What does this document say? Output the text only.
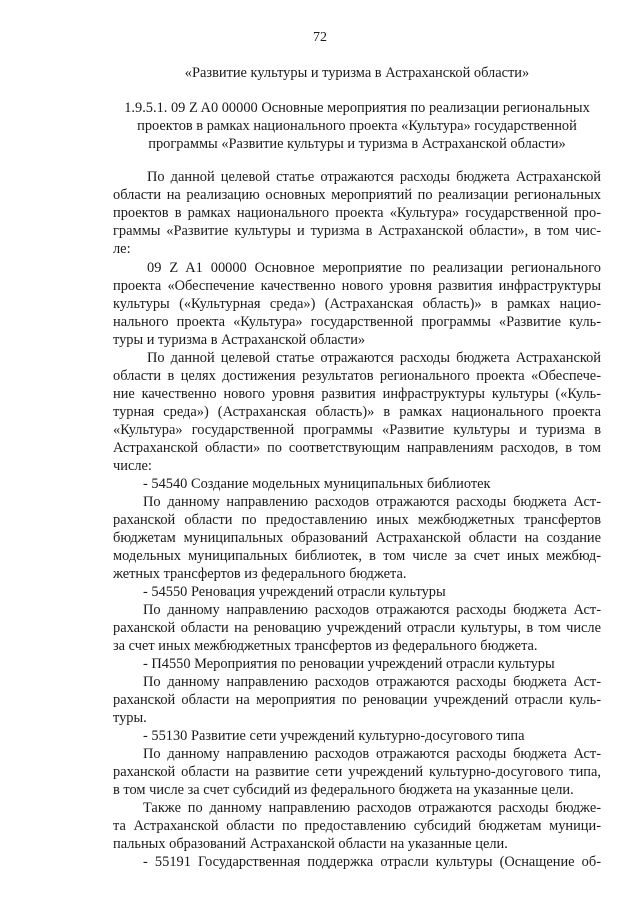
72
«Развитие культуры и туризма в Астраханской области»
1.9.5.1. 09 Z A0 00000 Основные мероприятия по реализации региональных
проектов в рамках национального проекта «Культура» государственной
программы «Развитие культуры и туризма в Астраханской области»
По данной целевой статье отражаются расходы бюджета Астраханской
области на реализацию основных мероприятий по реализации региональных
проектов в рамках национального проекта «Культура» государственной про-
граммы «Развитие культуры и туризма в Астраханской области», в том чис-
ле:
09 Z A1 00000 Основное мероприятие по реализации регионального
проекта «Обеспечение качественно нового уровня развития инфраструктуры
культуры («Культурная среда») (Астраханская область)» в рамках нацио-
нального проекта «Культура» государственной программы «Развитие куль-
туры и туризма в Астраханской области»
По данной целевой статье отражаются расходы бюджета Астраханской
области в целях достижения результатов регионального проекта «Обеспече-
ние качественно нового уровня развития инфраструктуры культуры («Куль-
турная среда») (Астраханская область)» в рамках национального проекта
«Культура» государственной программы «Развитие культуры и туризма в
Астраханской области» по соответствующим направлениям расходов, в том
числе:
- 54540 Создание модельных муниципальных библиотек
По данному направлению расходов отражаются расходы бюджета Аст-
раханской области по предоставлению иных межбюджетных трансфертов
бюджетам муниципальных образований Астраханской области на создание
модельных муниципальных библиотек, в том числе за счет иных межбюд-
жетных трансфертов из федерального бюджета.
- 54550 Реновация учреждений отрасли культуры
По данному направлению расходов отражаются расходы бюджета Аст-
раханской области на реновацию учреждений отрасли культуры, в том числе
за счет иных межбюджетных трансфертов из федерального бюджета.
- П4550 Мероприятия по реновации учреждений отрасли культуры
По данному направлению расходов отражаются расходы бюджета Аст-
раханской области на мероприятия по реновации учреждений отрасли куль-
туры.
- 55130 Развитие сети учреждений культурно-досугового типа
По данному направлению расходов отражаются расходы бюджета Аст-
раханской области на развитие сети учреждений культурно-досугового типа,
в том числе за счет субсидий из федерального бюджета на указанные цели.
Также по данному направлению расходов отражаются расходы бюдже-
та Астраханской области по предоставлению субсидий бюджетам муници-
пальных образований Астраханской области на указанные цели.
- 55191 Государственная поддержка отрасли культуры (Оснащение об-
